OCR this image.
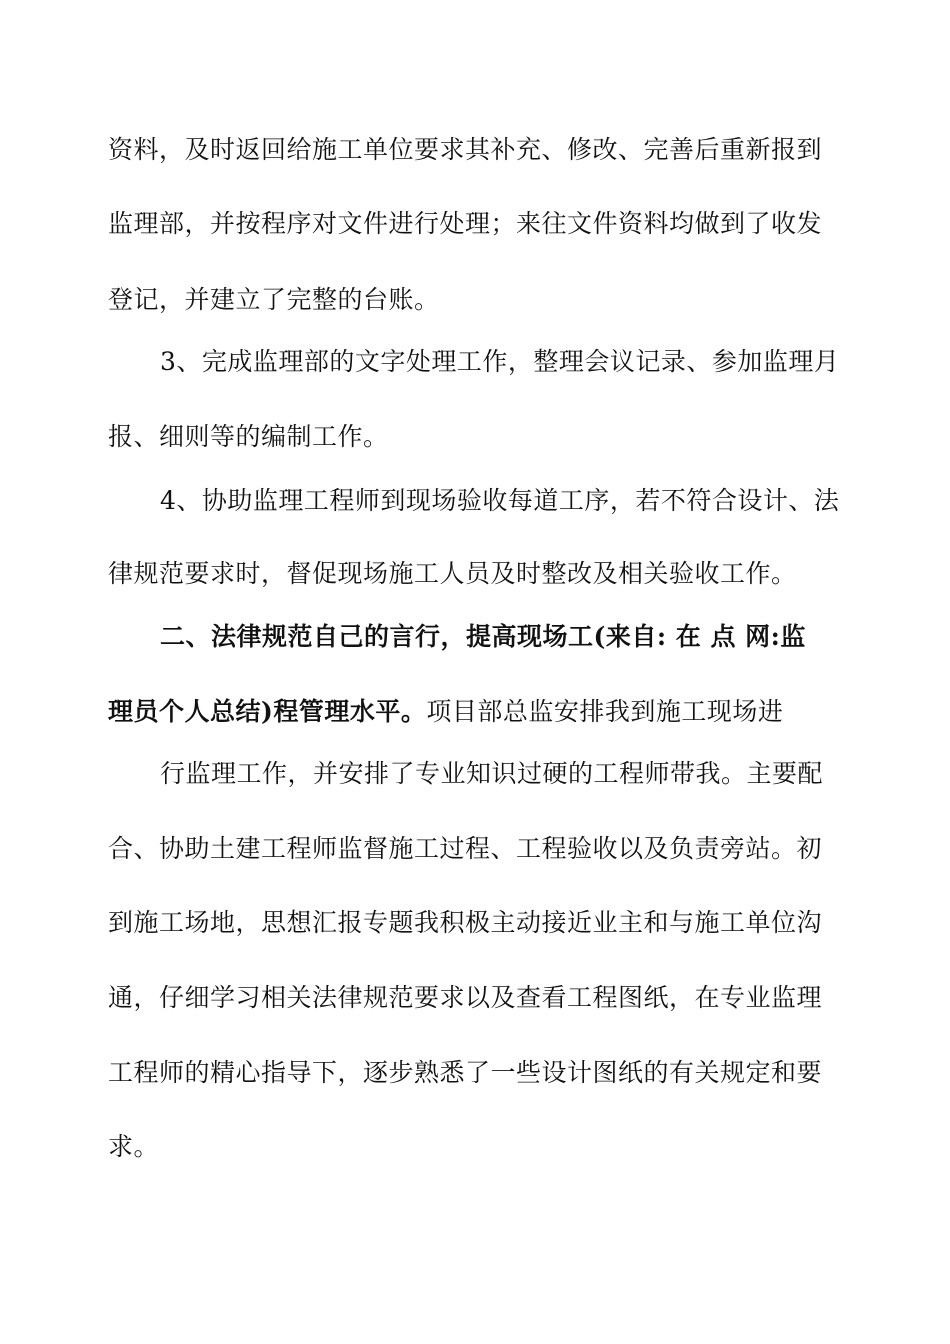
资料，及时返回给施工单位要求其补充、修改、完善后重新报到
监理部，并按程序对文件进行处理；来往文件资料均做到了收发
登记，并建立了完整的台账。
3、完成监理部的文字处理工作，整理会议记录、参加监理月
报、细则等的编制工作。
4、协助监理工程师到现场验收每道工序，若不符合设计、法
律规范要求时，督促现场施工人员及时整改及相关验收工作。
二、法律规范自己的言行，提高现场工(来自: 在 点 网:监
理员个人总结)程管理水平。项目部总监安排我到施工现场进
行监理工作，并安排了专业知识过硬的工程师带我。主要配
合、协助土建工程师监督施工过程、工程验收以及负责旁站。初
到施工场地，思想汇报专题我积极主动接近业主和与施工单位沟
通，仔细学习相关法律规范要求以及查看工程图纸，在专业监理
工程师的精心指导下，逐步熟悉了一些设计图纸的有关规定和要
求。
